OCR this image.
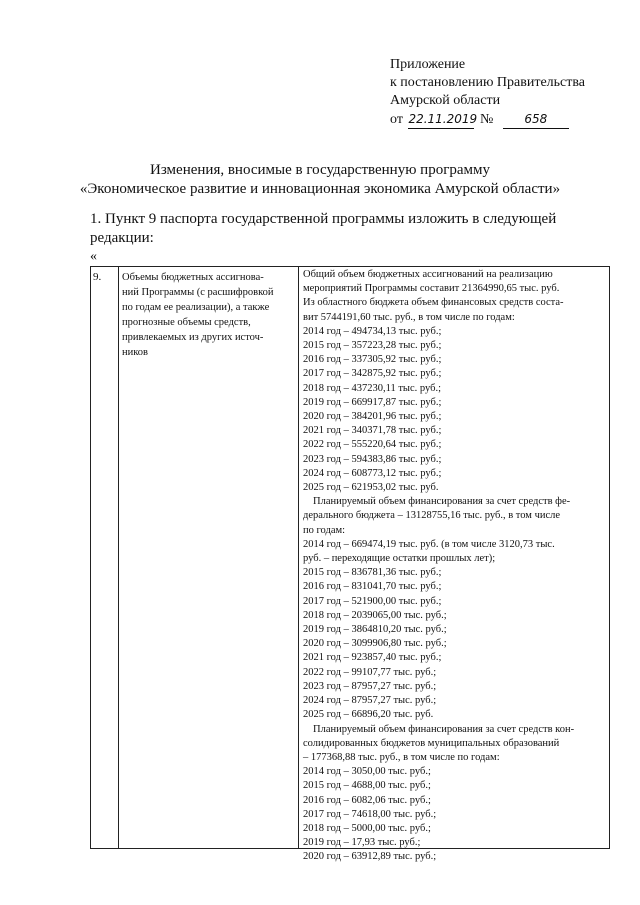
Приложение
к постановлению Правительства
Амурской области
от 22.11.2019 №	658
Изменения, вносимые в государственную программу
«Экономическое развитие и инновационная экономика Амурской области»
1. Пункт 9 паспорта государственной программы изложить в следующей
редакции:
«
9. Объемы бюджетных ассигнова-
ний Программы (с расшифровкой
по годам ее реализации), а также
прогнозные объемы средств,
привлекаемых из других источ-
ников

Общий объем бюджетных ассигнований на реализацию

мероприятий Программы составит 21364990,65 тыс. руб.

Из областного бюджета объем финансовых средств соста-

вит 5744191,60 тыс. руб., в том числе по годам:

2014 год – 494734,13 тыс. руб.;

2015 год – 357223,28 тыс. руб.;

2016 год – 337305,92 тыс. руб.;

2017 год – 342875,92 тыс. руб.;

2018 год – 437230,11 тыс. руб.;

2019 год – 669917,87 тыс. руб.;

2020 год – 384201,96 тыс. руб.;

2021 год – 340371,78 тыс. руб.;

2022 год – 555220,64 тыс. руб.;

2023 год – 594383,86 тыс. руб.;

2024 год – 608773,12 тыс. руб.;

2025 год – 621953,02 тыс. руб.

Планируемый объем финансирования за счет средств фе-

дерального бюджета – 13128755,16 тыс. руб., в том числе

по годам:

2014 год – 669474,19 тыс. руб. (в том числе 3120,73 тыс.

руб. – переходящие остатки прошлых лет);

2015 год – 836781,36 тыс. руб.;

2016 год – 831041,70 тыс. руб.;

2017 год – 521900,00 тыс. руб.;

2018 год – 2039065,00 тыс. руб.;

2019 год – 3864810,20 тыс. руб.;

2020 год – 3099906,80 тыс. руб.;

2021 год – 923857,40 тыс. руб.;

2022 год – 99107,77 тыс. руб.;

2023 год – 87957,27 тыс. руб.;

2024 год – 87957,27 тыс. руб.;

2025 год – 66896,20 тыс. руб.

Планируемый объем финансирования за счет средств кон-

солидированных бюджетов муниципальных образований

– 177368,88 тыс. руб., в том числе по годам:

2014 год – 3050,00 тыс. руб.;

2015 год – 4688,00 тыс. руб.;

2016 год – 6082,06 тыс. руб.;

2017 год – 74618,00 тыс. руб.;

2018 год – 5000,00 тыс. руб.;

2019 год – 17,93 тыс. руб.;

2020 год – 63912,89 тыс. руб.;
